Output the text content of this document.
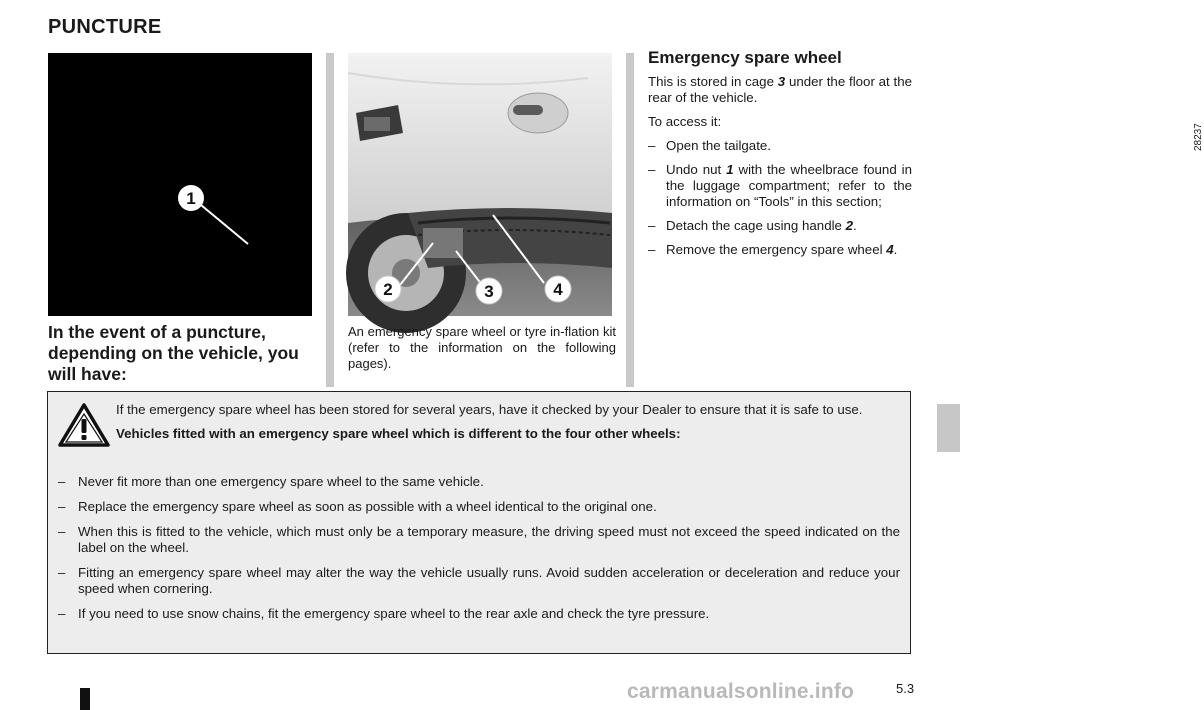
PUNCTURE
1
2	3	4
28237
In the event of a puncture, depending on the vehicle, you will have:
An emergency spare wheel or tyre in-flation kit (refer to the information on the following pages).
Emergency spare wheel

This is stored in cage 3 under the floor at the rear of the vehicle.

To access it:

– Open the tailgate.
– Undo nut 1 with the wheelbrace found in the luggage compartment; refer to the information on “Tools” in this section;
– Detach the cage using handle 2.
– Remove the emergency spare wheel 4.

If the emergency spare wheel has been stored for several years, have it checked by your Dealer to ensure that it is safe to use.

Vehicles fitted with an emergency spare wheel which is different to the four other wheels:

– Never fit more than one emergency spare wheel to the same vehicle.
– Replace the emergency spare wheel as soon as possible with a wheel identical to the original one.
– When this is fitted to the vehicle, which must only be a temporary measure, the driving speed must not exceed the speed indicated on the label on the wheel.
– Fitting an emergency spare wheel may alter the way the vehicle usually runs. Avoid sudden acceleration or deceleration and reduce your speed when cornering.
– If you need to use snow chains, fit the emergency spare wheel to the rear axle and check the tyre pressure.
5.3
carmanualsonline.info
